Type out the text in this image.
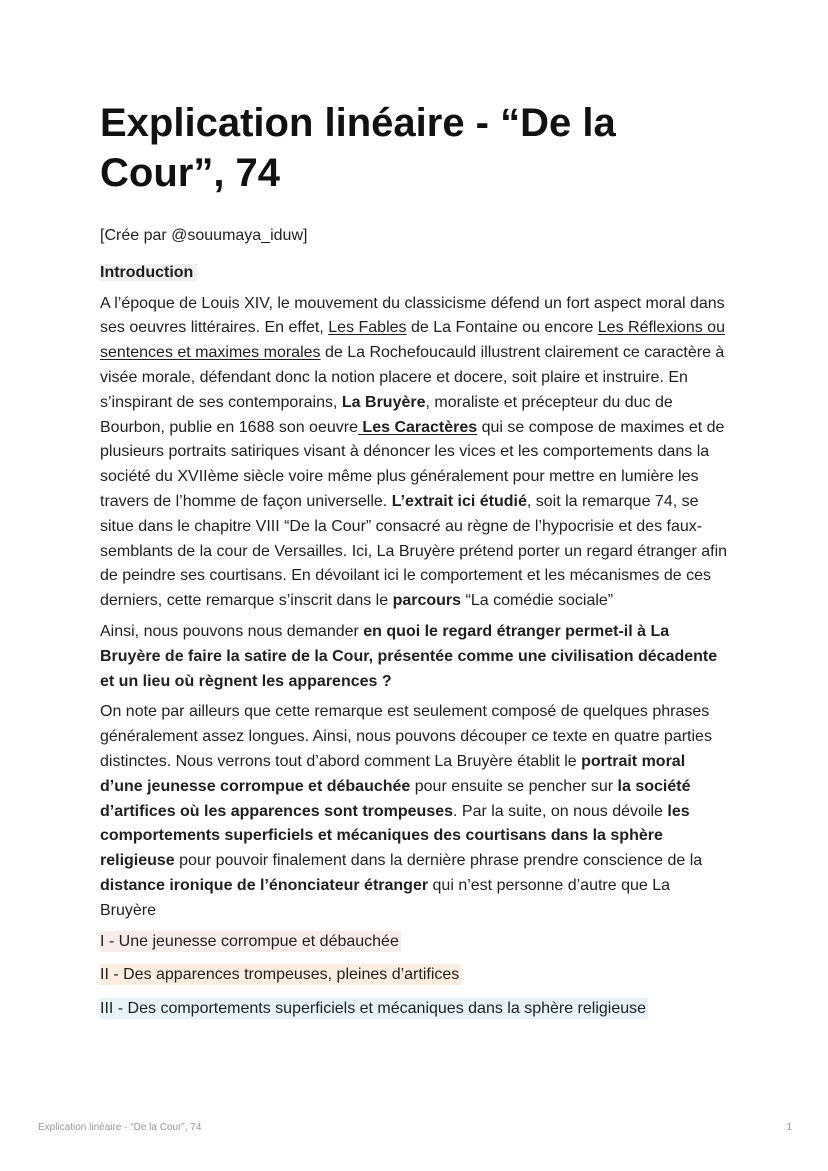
Explication linéaire - “De la Cour”, 74
[Crée par @souumaya_iduw]
Introduction
A l’époque de Louis XIV, le mouvement du classicisme défend un fort aspect moral dans ses oeuvres littéraires. En effet, Les Fables de La Fontaine ou encore Les Réflexions ou sentences et maximes morales de La Rochefoucauld illustrent clairement ce caractère à visée morale, défendant donc la notion placere et docere, soit plaire et instruire. En s’inspirant de ses contemporains, La Bruyère, moraliste et précepteur du duc de Bourbon, publie en 1688 son oeuvre Les Caractères qui se compose de maximes et de plusieurs portraits satiriques visant à dénoncer les vices et les comportements dans la société du XVIIème siècle voire même plus généralement pour mettre en lumière les travers de l’homme de façon universelle. L’extrait ici étudié, soit la remarque 74, se situe dans le chapitre VIII “De la Cour” consacré au règne de l’hypocrisie et des faux-semblants de la cour de Versailles. Ici, La Bruyère prétend porter un regard étranger afin de peindre ses courtisans. En dévoilant ici le comportement et les mécanismes de ces derniers, cette remarque s’inscrit dans le parcours “La comédie sociale”
Ainsi, nous pouvons nous demander en quoi le regard étranger permet-il à La Bruyère de faire la satire de la Cour, présentée comme une civilisation décadente et un lieu où règnent les apparences ?
On note par ailleurs que cette remarque est seulement composé de quelques phrases généralement assez longues. Ainsi, nous pouvons découper ce texte en quatre parties distinctes. Nous verrons tout d’abord comment La Bruyère établit le portrait moral d’une jeunesse corrompue et débauchée pour ensuite se pencher sur la société d’artifices où les apparences sont trompeuses. Par la suite, on nous dévoile les comportements superficiels et mécaniques des courtisans dans la sphère religieuse pour pouvoir finalement dans la dernière phrase prendre conscience de la distance ironique de l’énonciateur étranger qui n’est personne d’autre que La Bruyère
I - Une jeunesse corrompue et débauchée
II - Des apparences trompeuses, pleines d’artifices
III - Des comportements superficiels et mécaniques dans la sphère religieuse
Explication linéaire - “De la Cour”, 74	1
